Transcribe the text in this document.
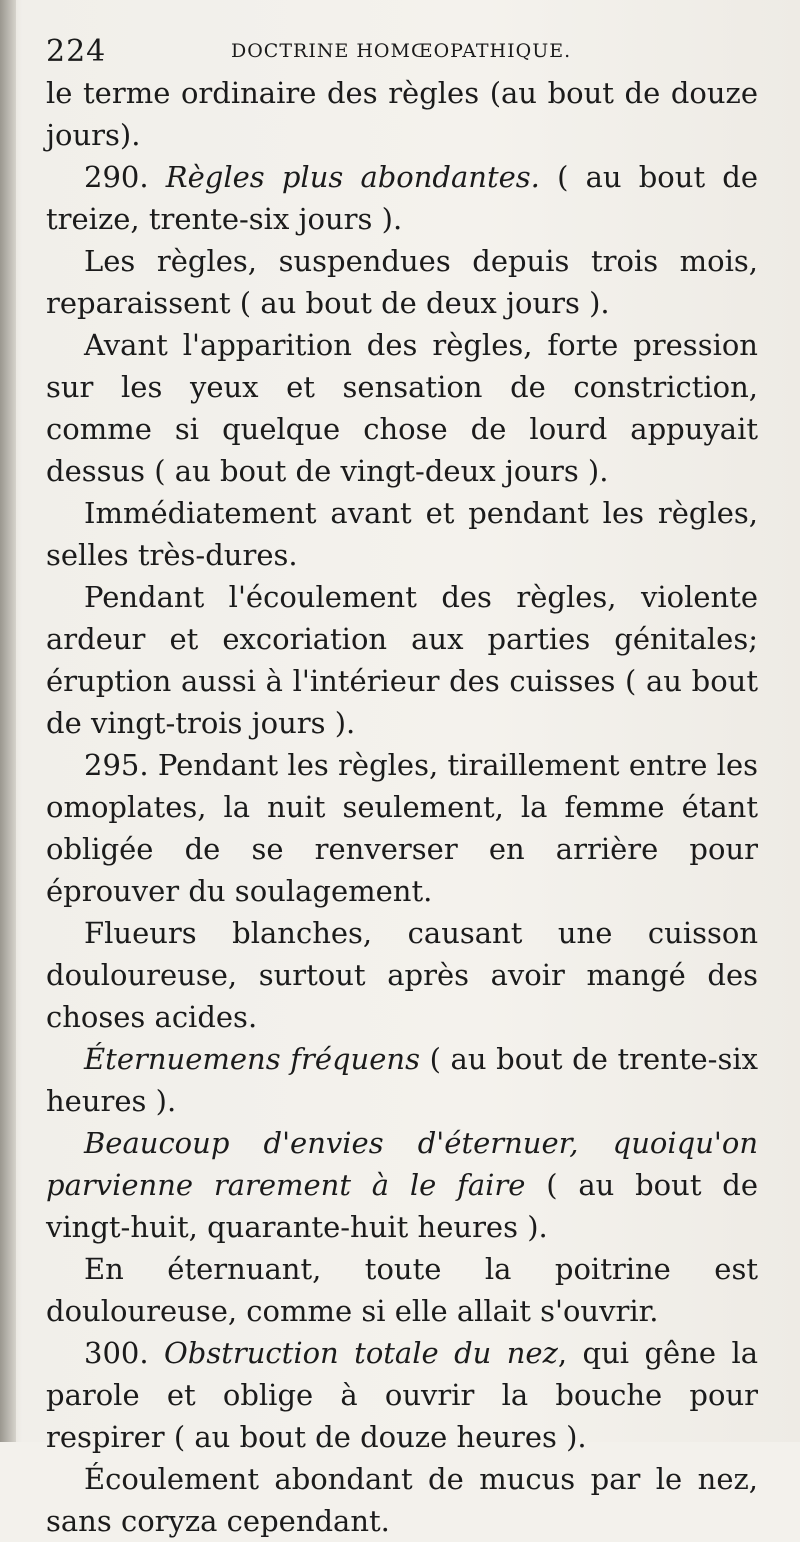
224	DOCTRINE HOMŒOPATHIQUE.

le terme ordinaire des règles (au bout de douze jours).

290. Règles plus abondantes. ( au bout de treize, trente-six jours ).

Les règles, suspendues depuis trois mois, reparaissent ( au bout de deux jours ).

Avant l'apparition des règles, forte pression sur les yeux et sensation de constriction, comme si quelque chose de lourd appuyait dessus ( au bout de vingt-deux jours ).

Immédiatement avant et pendant les règles, selles très-dures.

Pendant l'écoulement des règles, violente ardeur et excoriation aux parties génitales; éruption aussi à l'intérieur des cuisses ( au bout de vingt-trois jours ).

295. Pendant les règles, tiraillement entre les omoplates, la nuit seulement, la femme étant obligée de se renverser en arrière pour éprouver du soulagement.

Flueurs blanches, causant une cuisson douloureuse, surtout après avoir mangé des choses acides.

Éternuemens fréquens ( au bout de trente-six heures ).

Beaucoup d'envies d'éternuer, quoiqu'on parvienne rarement à le faire ( au bout de vingt-huit, quarante-huit heures ).

En éternuant, toute la poitrine est douloureuse, comme si elle allait s'ouvrir.

300. Obstruction totale du nez, qui gêne la parole et oblige à ouvrir la bouche pour respirer ( au bout de douze heures ).

Écoulement abondant de mucus par le nez, sans coryza cependant.
